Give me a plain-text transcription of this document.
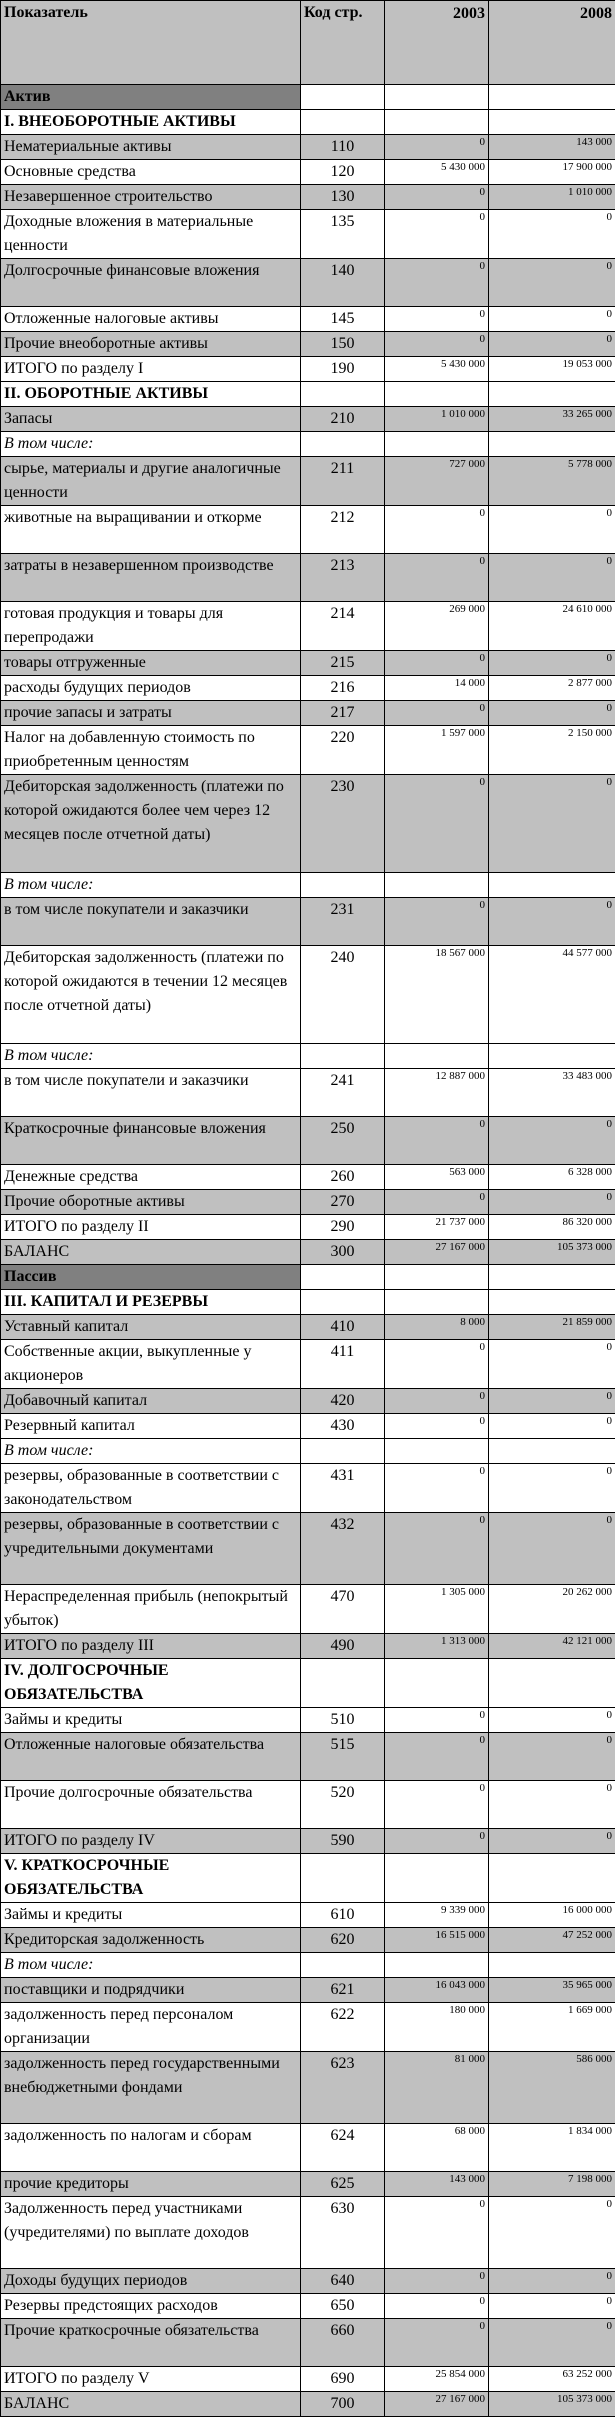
Показатель	Код стр.	2003	2008
Актив			
I. ВНЕОБОРОТНЫЕ АКТИВЫ			
Нематериальные активы	110	0	143 000
Основные средства	120	5 430 000	17 900 000
Незавершенное строительство	130	0	1 010 000
Доходные вложения в материальные ценности	135	0	0
Долгосрочные финансовые вложения	140	0	0
Отложенные налоговые активы	145	0	0
Прочие внеоборотные активы	150	0	0
ИТОГО по разделу I	190	5 430 000	19 053 000
II. ОБОРОТНЫЕ АКТИВЫ			
Запасы	210	1 010 000	33 265 000
В том числе:			
сырье, материалы и другие аналогичные ценности	211	727 000	5 778 000
животные на выращивании и откорме	212	0	0
затраты в незавершенном производстве	213	0	0
готовая продукция и товары для перепродажи	214	269 000	24 610 000
товары отгруженные	215	0	0
расходы будущих периодов	216	14 000	2 877 000
прочие запасы и затраты	217	0	0
Налог на добавленную стоимость по приобретенным ценностям	220	1 597 000	2 150 000
Дебиторская задолженность (платежи по которой ожидаются более чем через 12 месяцев после отчетной даты)	230	0	0
В том числе:			
в том числе покупатели и заказчики	231	0	0
Дебиторская задолженность (платежи по которой ожидаются в течении 12 месяцев после отчетной даты)	240	18 567 000	44 577 000
В том числе:			
в том числе покупатели и заказчики	241	12 887 000	33 483 000
Краткосрочные финансовые вложения	250	0	0
Денежные средства	260	563 000	6 328 000
Прочие оборотные активы	270	0	0
ИТОГО по разделу II	290	21 737 000	86 320 000
БАЛАНС	300	27 167 000	105 373 000
Пассив			
III. КАПИТАЛ И РЕЗЕРВЫ			
Уставный капитал	410	8 000	21 859 000
Собственные акции, выкупленные у акционеров	411	0	0
Добавочный капитал	420	0	0
Резервный капитал	430	0	0
В том числе:			
резервы, образованные в соответствии с законодательством	431	0	0
резервы, образованные в соответствии с учредительными документами	432	0	0
Нераспределенная прибыль (непокрытый убыток)	470	1 305 000	20 262 000
ИТОГО по разделу III	490	1 313 000	42 121 000
IV. ДОЛГОСРОЧНЫЕ ОБЯЗАТЕЛЬСТВА			
Займы и кредиты	510	0	0
Отложенные налоговые обязательства	515	0	0
Прочие долгосрочные обязательства	520	0	0
ИТОГО по разделу IV	590	0	0
V. КРАТКОСРОЧНЫЕ ОБЯЗАТЕЛЬСТВА			
Займы и кредиты	610	9 339 000	16 000 000
Кредиторская задолженность	620	16 515 000	47 252 000
В том числе:			
поставщики и подрядчики	621	16 043 000	35 965 000
задолженность перед персоналом организации	622	180 000	1 669 000
задолженность перед государственными внебюджетными фондами	623	81 000	586 000
задолженность по налогам и сборам	624	68 000	1 834 000
прочие кредиторы	625	143 000	7 198 000
Задолженность перед участниками (учредителями) по выплате доходов	630	0	0
Доходы будущих периодов	640	0	0
Резервы предстоящих расходов	650	0	0
Прочие краткосрочные обязательства	660	0	0
ИТОГО по разделу V	690	25 854 000	63 252 000
БАЛАНС	700	27 167 000	105 373 000
